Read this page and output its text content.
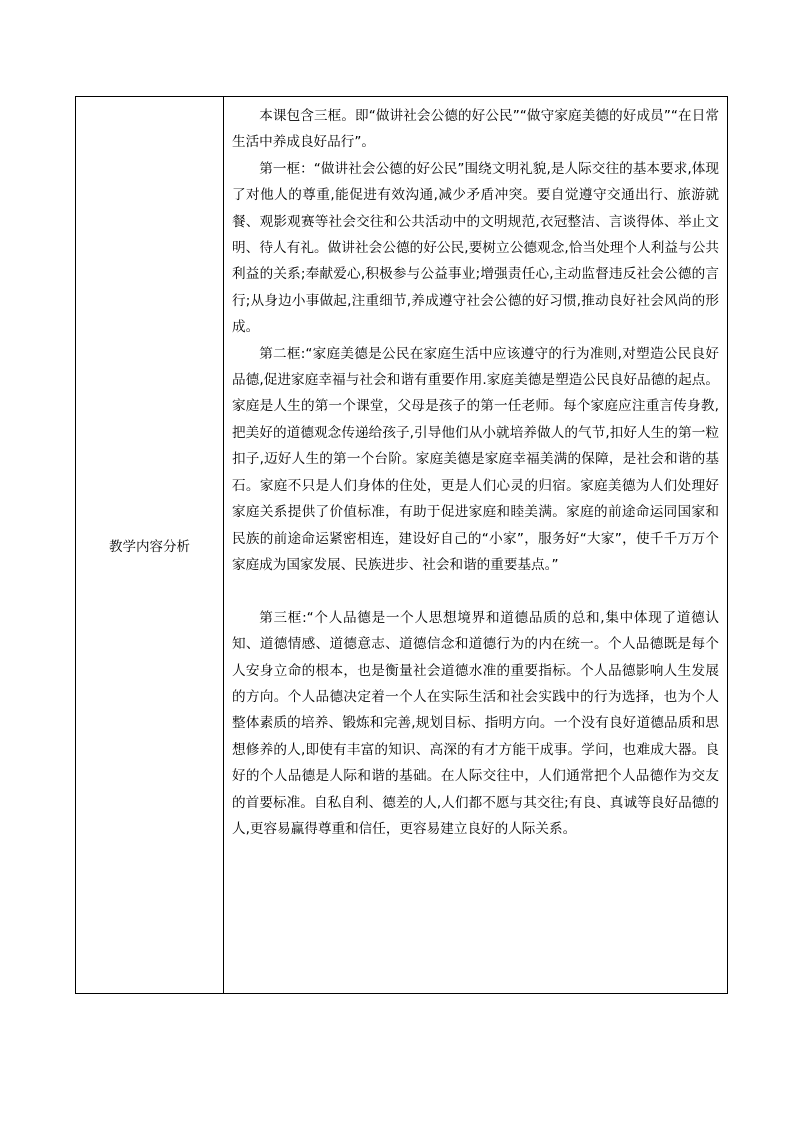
教学内容分析

本课包含三框。即“做讲社会公德的好公民”“做守家庭美德的好成员”“在日常生活中养成良好品行”。

第一框：“做讲社会公德的好公民”围绕文明礼貌,是人际交往的基本要求,体现了对他人的尊重,能促进有效沟通,减少矛盾冲突。要自觉遵守交通出行、旅游就餐、观影观赛等社会交往和公共活动中的文明规范,衣冠整洁、言谈得体、举止文明、待人有礼。做讲社会公德的好公民,要树立公德观念,恰当处理个人利益与公共利益的关系;奉献爱心,积极参与公益事业;增强责任心,主动监督违反社会公德的言行;从身边小事做起,注重细节,养成遵守社会公德的好习惯,推动良好社会风尚的形成。

第二框:“家庭美德是公民在家庭生活中应该遵守的行为准则,对塑造公民良好品德,促进家庭幸福与社会和谐有重要作用.家庭美德是塑造公民良好品德的起点。家庭是人生的第一个课堂，父母是孩子的第一任老师。每个家庭应注重言传身教,把美好的道德观念传递给孩子,引导他们从小就培养做人的气节,扣好人生的第一粒扣子,迈好人生的第一个台阶。家庭美德是家庭幸福美满的保障，是社会和谐的基石。家庭不只是人们身体的住处，更是人们心灵的归宿。家庭美德为人们处理好家庭关系提供了价值标准，有助于促进家庭和睦美满。家庭的前途命运同国家和民族的前途命运紧密相连，建设好自己的“小家”，服务好“大家”，使千千万万个家庭成为国家发展、民族进步、社会和谐的重要基点。”

第三框:“个人品德是一个人思想境界和道德品质的总和,集中体现了道德认知、道德情感、道德意志、道德信念和道德行为的内在统一。个人品德既是每个人安身立命的根本，也是衡量社会道德水准的重要指标。个人品德影响人生发展的方向。个人品德决定着一个人在实际生活和社会实践中的行为选择，也为个人整体素质的培养、锻炼和完善,规划目标、指明方向。一个没有良好道德品质和思想修养的人,即使有丰富的知识、高深的有才方能干成事。学问，也难成大器。良好的个人品德是人际和谐的基础。在人际交往中，人们通常把个人品德作为交友的首要标准。自私自利、德差的人,人们都不愿与其交往;有良、真诚等良好品德的人,更容易赢得尊重和信任，更容易建立良好的人际关系。
